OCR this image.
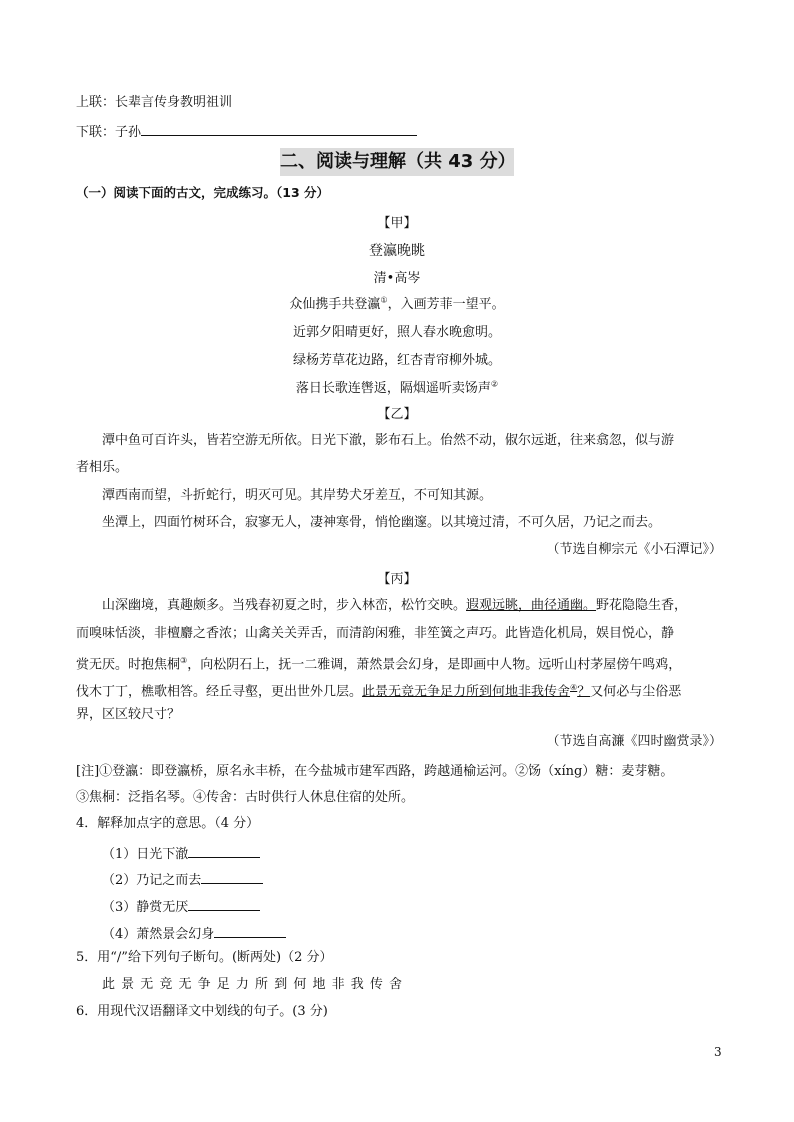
上联：长辈言传身教明祖训
下联：子孙
二、阅读与理解（共 43 分）
（一）阅读下面的古文，完成练习。（13 分）
【甲】
登瀛晚眺
清•高岑
众仙携手共登瀛①，入画芳菲一望平。
近郭夕阳晴更好，照人春水晚愈明。
绿杨芳草花边路，红杏青帘柳外城。
落日长歌连辔返，隔烟遥听卖饧声②
【乙】
潭中鱼可百许头，皆若空游无所依。日光下澈，影布石上。佁然不动，俶尔远逝，往来翕忽，似与游
者相乐。
潭西南而望，斗折蛇行，明灭可见。其岸势犬牙差互，不可知其源。
坐潭上，四面竹树环合，寂寥无人，凄神寒骨，悄怆幽邃。以其境过清，不可久居，乃记之而去。
（节选自柳宗元《小石潭记》）
【丙】
山深幽境，真趣颇多。当残春初夏之时，步入林峦，松竹交映。遐观远眺，曲径通幽。野花隐隐生香，
而嗅味恬淡，非檀麝之香浓；山禽关关弄舌，而清韵闲雅，非笙簧之声巧。此皆造化机局，娱目悦心，静
赏无厌。时抱焦桐③，向松阴石上，抚一二雅调，萧然景会幻身，是即画中人物。远听山村茅屋傍午鸣鸡，
伐木丁丁，樵歌相答。经丘寻壑，更出世外几层。此景无竞无争足力所到何地非我传舍④？又何必与尘俗恶
界，区区较尺寸？
（节选自高濂《四时幽赏录》）
[注]①登瀛：即登瀛桥，原名永丰桥，在今盐城市建军西路，跨越通榆运河。②饧（xíng）糖：麦芽糖。
③焦桐：泛指名琴。④传舍：古时供行人休息住宿的处所。
4．解释加点字的意思。（4 分）
（1）日光下澈
（2）乃记之而去
（3）静赏无厌
（4）萧然景会幻身
5．用“/”给下列句子断句。(断两处)（2 分）
此 景 无 竞 无 争 足 力 所 到 何 地 非 我 传 舍
6．用现代汉语翻译文中划线的句子。(3 分)
3
